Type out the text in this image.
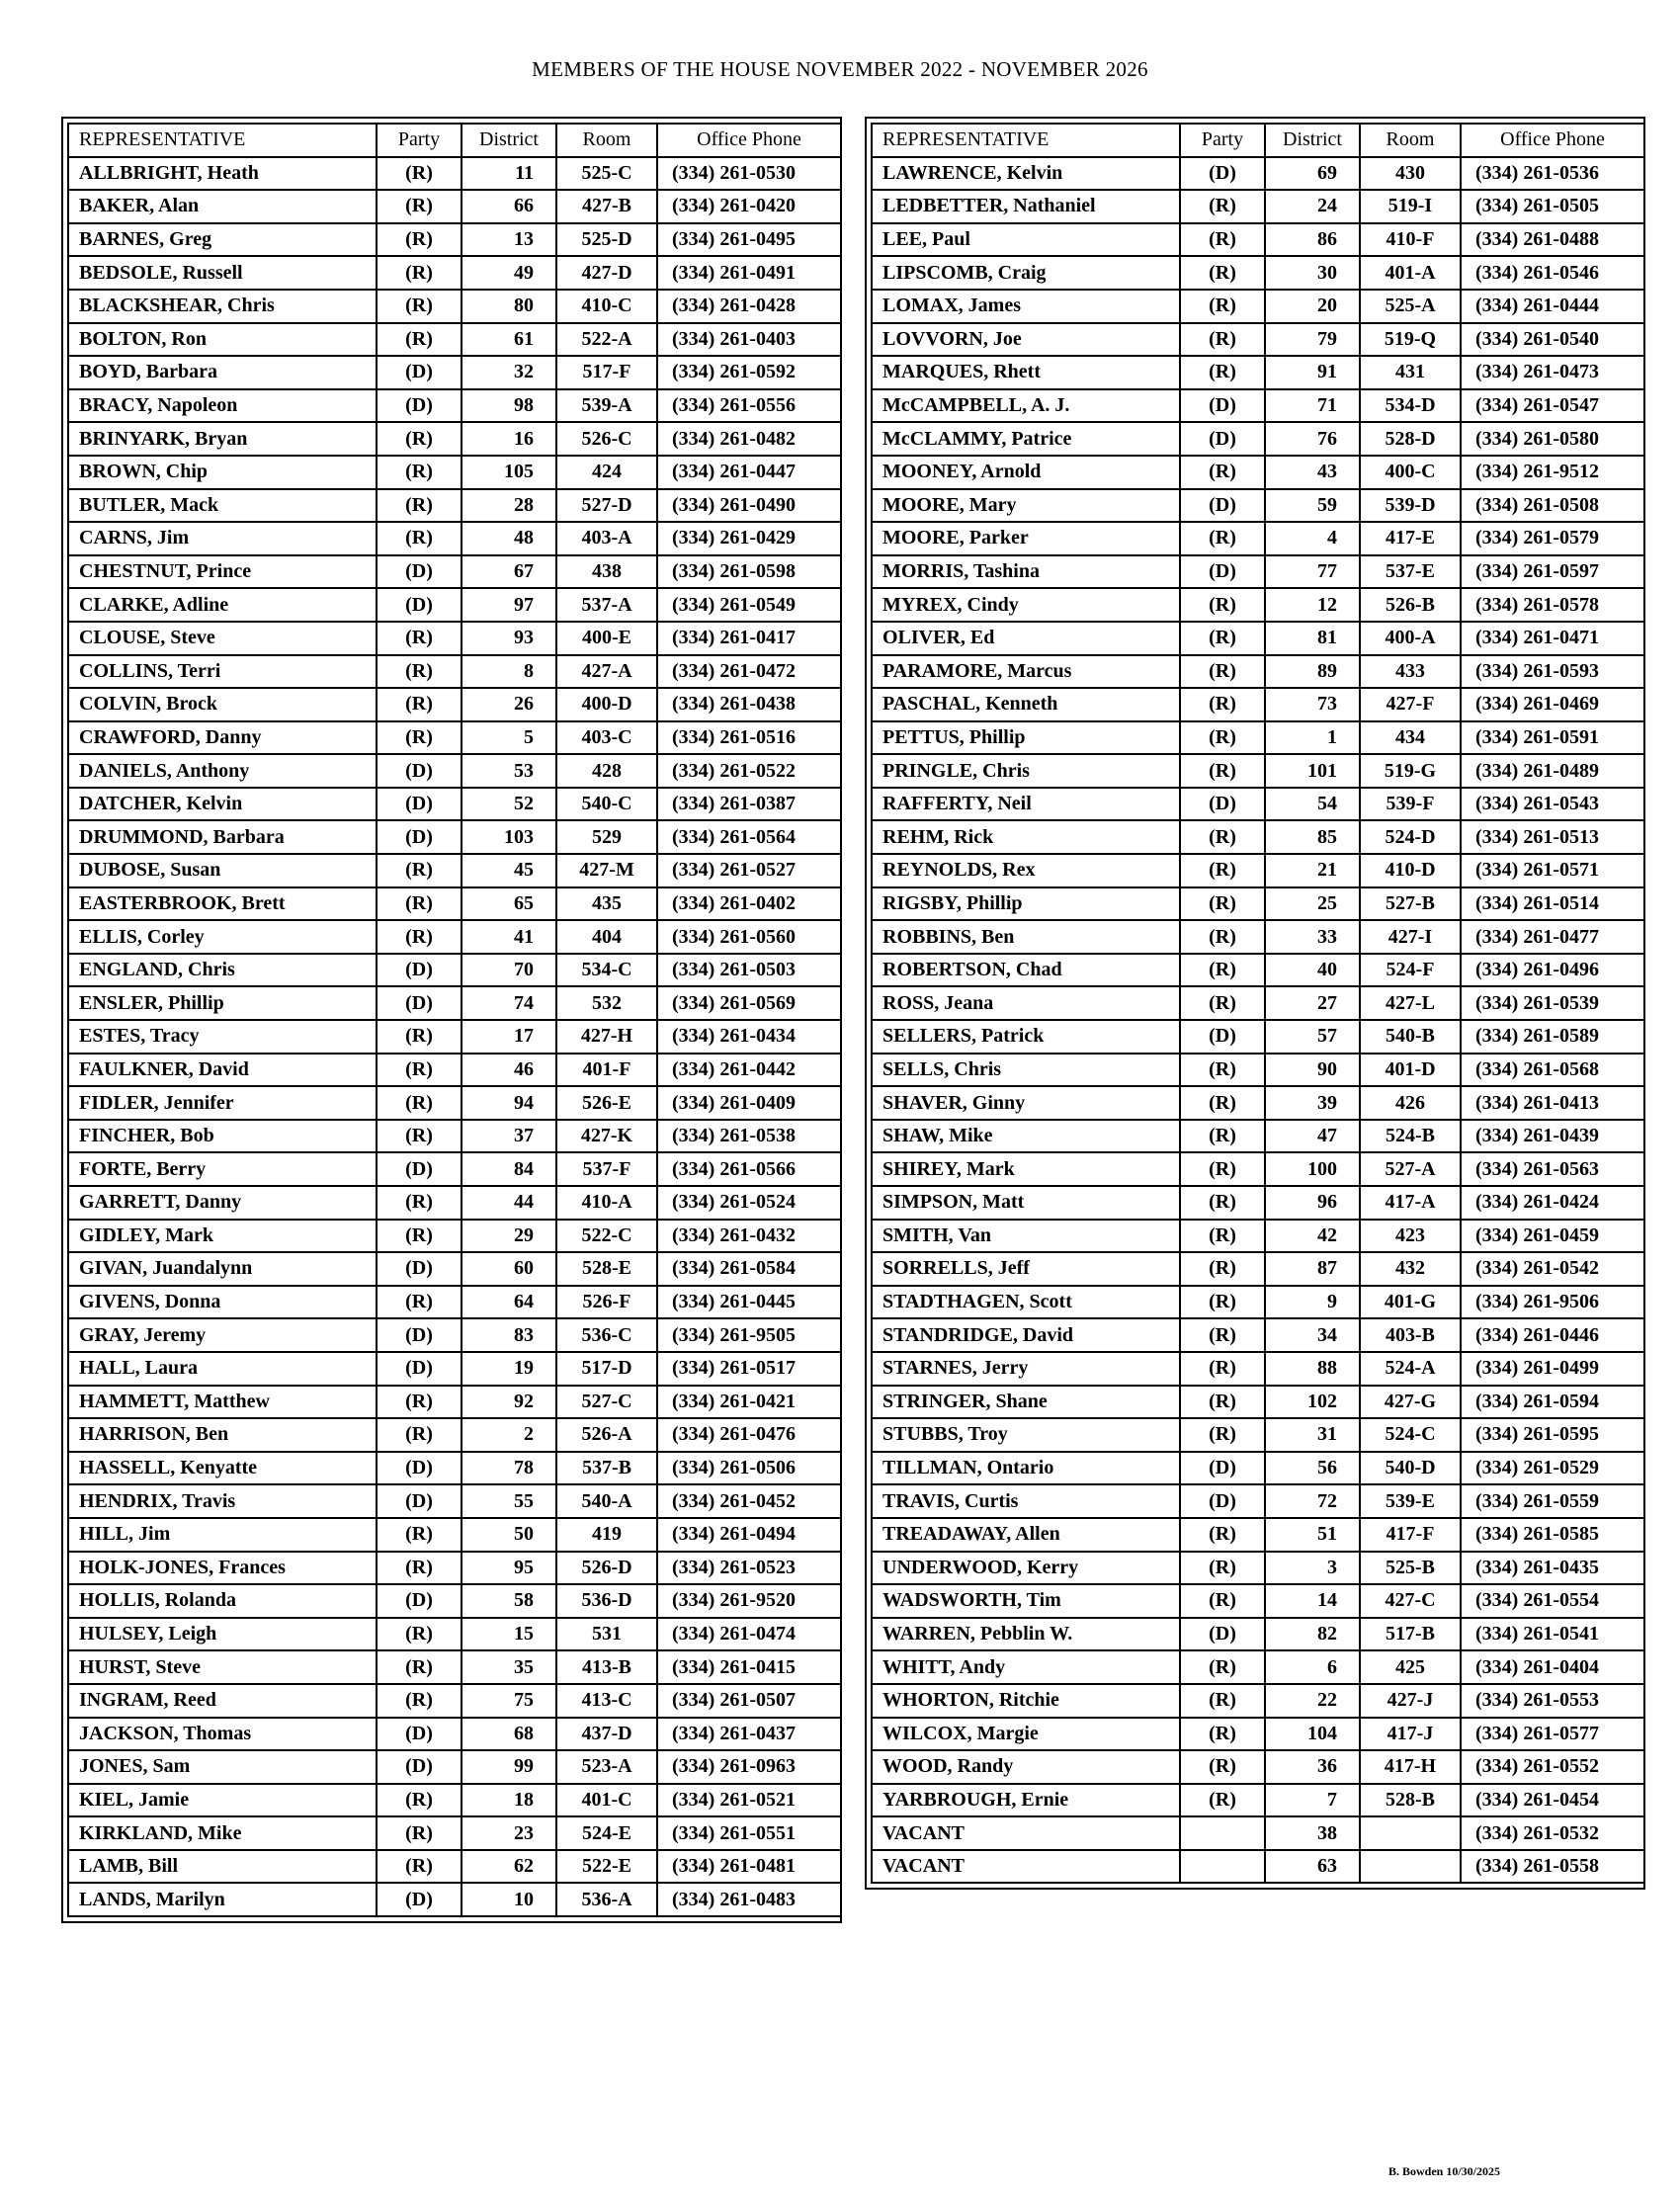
MEMBERS OF THE HOUSE NOVEMBER 2022 - NOVEMBER 2026
REPRESENTATIVE	Party	District	Room	Office Phone
ALLBRIGHT, Heath	(R)	11	525-C	(334) 261-0530
BAKER, Alan	(R)	66	427-B	(334) 261-0420
BARNES, Greg	(R)	13	525-D	(334) 261-0495
BEDSOLE, Russell	(R)	49	427-D	(334) 261-0491
BLACKSHEAR, Chris	(R)	80	410-C	(334) 261-0428
BOLTON, Ron	(R)	61	522-A	(334) 261-0403
BOYD, Barbara	(D)	32	517-F	(334) 261-0592
BRACY, Napoleon	(D)	98	539-A	(334) 261-0556
BRINYARK, Bryan	(R)	16	526-C	(334) 261-0482
BROWN, Chip	(R)	105	424	(334) 261-0447
BUTLER, Mack	(R)	28	527-D	(334) 261-0490
CARNS, Jim	(R)	48	403-A	(334) 261-0429
CHESTNUT, Prince	(D)	67	438	(334) 261-0598
CLARKE, Adline	(D)	97	537-A	(334) 261-0549
CLOUSE, Steve	(R)	93	400-E	(334) 261-0417
COLLINS, Terri	(R)	8	427-A	(334) 261-0472
COLVIN, Brock	(R)	26	400-D	(334) 261-0438
CRAWFORD, Danny	(R)	5	403-C	(334) 261-0516
DANIELS, Anthony	(D)	53	428	(334) 261-0522
DATCHER, Kelvin	(D)	52	540-C	(334) 261-0387
DRUMMOND, Barbara	(D)	103	529	(334) 261-0564
DUBOSE, Susan	(R)	45	427-M	(334) 261-0527
EASTERBROOK, Brett	(R)	65	435	(334) 261-0402
ELLIS, Corley	(R)	41	404	(334) 261-0560
ENGLAND, Chris	(D)	70	534-C	(334) 261-0503
ENSLER, Phillip	(D)	74	532	(334) 261-0569
ESTES, Tracy	(R)	17	427-H	(334) 261-0434
FAULKNER, David	(R)	46	401-F	(334) 261-0442
FIDLER, Jennifer	(R)	94	526-E	(334) 261-0409
FINCHER, Bob	(R)	37	427-K	(334) 261-0538
FORTE, Berry	(D)	84	537-F	(334) 261-0566
GARRETT, Danny	(R)	44	410-A	(334) 261-0524
GIDLEY, Mark	(R)	29	522-C	(334) 261-0432
GIVAN, Juandalynn	(D)	60	528-E	(334) 261-0584
GIVENS, Donna	(R)	64	526-F	(334) 261-0445
GRAY, Jeremy	(D)	83	536-C	(334) 261-9505
HALL, Laura	(D)	19	517-D	(334) 261-0517
HAMMETT, Matthew	(R)	92	527-C	(334) 261-0421
HARRISON, Ben	(R)	2	526-A	(334) 261-0476
HASSELL, Kenyatte	(D)	78	537-B	(334) 261-0506
HENDRIX, Travis	(D)	55	540-A	(334) 261-0452
HILL, Jim	(R)	50	419	(334) 261-0494
HOLK-JONES, Frances	(R)	95	526-D	(334) 261-0523
HOLLIS, Rolanda	(D)	58	536-D	(334) 261-9520
HULSEY, Leigh	(R)	15	531	(334) 261-0474
HURST, Steve	(R)	35	413-B	(334) 261-0415
INGRAM, Reed	(R)	75	413-C	(334) 261-0507
JACKSON, Thomas	(D)	68	437-D	(334) 261-0437
JONES, Sam	(D)	99	523-A	(334) 261-0963
KIEL, Jamie	(R)	18	401-C	(334) 261-0521
KIRKLAND, Mike	(R)	23	524-E	(334) 261-0551
LAMB, Bill	(R)	62	522-E	(334) 261-0481
LANDS, Marilyn	(D)	10	536-A	(334) 261-0483
REPRESENTATIVE	Party	District	Room	Office Phone
LAWRENCE, Kelvin	(D)	69	430	(334) 261-0536
LEDBETTER, Nathaniel	(R)	24	519-I	(334) 261-0505
LEE, Paul	(R)	86	410-F	(334) 261-0488
LIPSCOMB, Craig	(R)	30	401-A	(334) 261-0546
LOMAX, James	(R)	20	525-A	(334) 261-0444
LOVVORN, Joe	(R)	79	519-Q	(334) 261-0540
MARQUES, Rhett	(R)	91	431	(334) 261-0473
McCAMPBELL, A. J.	(D)	71	534-D	(334) 261-0547
McCLAMMY, Patrice	(D)	76	528-D	(334) 261-0580
MOONEY, Arnold	(R)	43	400-C	(334) 261-9512
MOORE, Mary	(D)	59	539-D	(334) 261-0508
MOORE, Parker	(R)	4	417-E	(334) 261-0579
MORRIS, Tashina	(D)	77	537-E	(334) 261-0597
MYREX, Cindy	(R)	12	526-B	(334) 261-0578
OLIVER, Ed	(R)	81	400-A	(334) 261-0471
PARAMORE, Marcus	(R)	89	433	(334) 261-0593
PASCHAL, Kenneth	(R)	73	427-F	(334) 261-0469
PETTUS, Phillip	(R)	1	434	(334) 261-0591
PRINGLE, Chris	(R)	101	519-G	(334) 261-0489
RAFFERTY, Neil	(D)	54	539-F	(334) 261-0543
REHM, Rick	(R)	85	524-D	(334) 261-0513
REYNOLDS, Rex	(R)	21	410-D	(334) 261-0571
RIGSBY, Phillip	(R)	25	527-B	(334) 261-0514
ROBBINS, Ben	(R)	33	427-I	(334) 261-0477
ROBERTSON, Chad	(R)	40	524-F	(334) 261-0496
ROSS, Jeana	(R)	27	427-L	(334) 261-0539
SELLERS, Patrick	(D)	57	540-B	(334) 261-0589
SELLS, Chris	(R)	90	401-D	(334) 261-0568
SHAVER, Ginny	(R)	39	426	(334) 261-0413
SHAW, Mike	(R)	47	524-B	(334) 261-0439
SHIREY, Mark	(R)	100	527-A	(334) 261-0563
SIMPSON, Matt	(R)	96	417-A	(334) 261-0424
SMITH, Van	(R)	42	423	(334) 261-0459
SORRELLS, Jeff	(R)	87	432	(334) 261-0542
STADTHAGEN, Scott	(R)	9	401-G	(334) 261-9506
STANDRIDGE, David	(R)	34	403-B	(334) 261-0446
STARNES, Jerry	(R)	88	524-A	(334) 261-0499
STRINGER, Shane	(R)	102	427-G	(334) 261-0594
STUBBS, Troy	(R)	31	524-C	(334) 261-0595
TILLMAN, Ontario	(D)	56	540-D	(334) 261-0529
TRAVIS, Curtis	(D)	72	539-E	(334) 261-0559
TREADAWAY, Allen	(R)	51	417-F	(334) 261-0585
UNDERWOOD, Kerry	(R)	3	525-B	(334) 261-0435
WADSWORTH, Tim	(R)	14	427-C	(334) 261-0554
WARREN, Pebblin W.	(D)	82	517-B	(334) 261-0541
WHITT, Andy	(R)	6	425	(334) 261-0404
WHORTON, Ritchie	(R)	22	427-J	(334) 261-0553
WILCOX, Margie	(R)	104	417-J	(334) 261-0577
WOOD, Randy	(R)	36	417-H	(334) 261-0552
YARBROUGH, Ernie	(R)	7	528-B	(334) 261-0454
VACANT		38		(334) 261-0532
VACANT		63		(334) 261-0558
B. Bowden 10/30/2025
